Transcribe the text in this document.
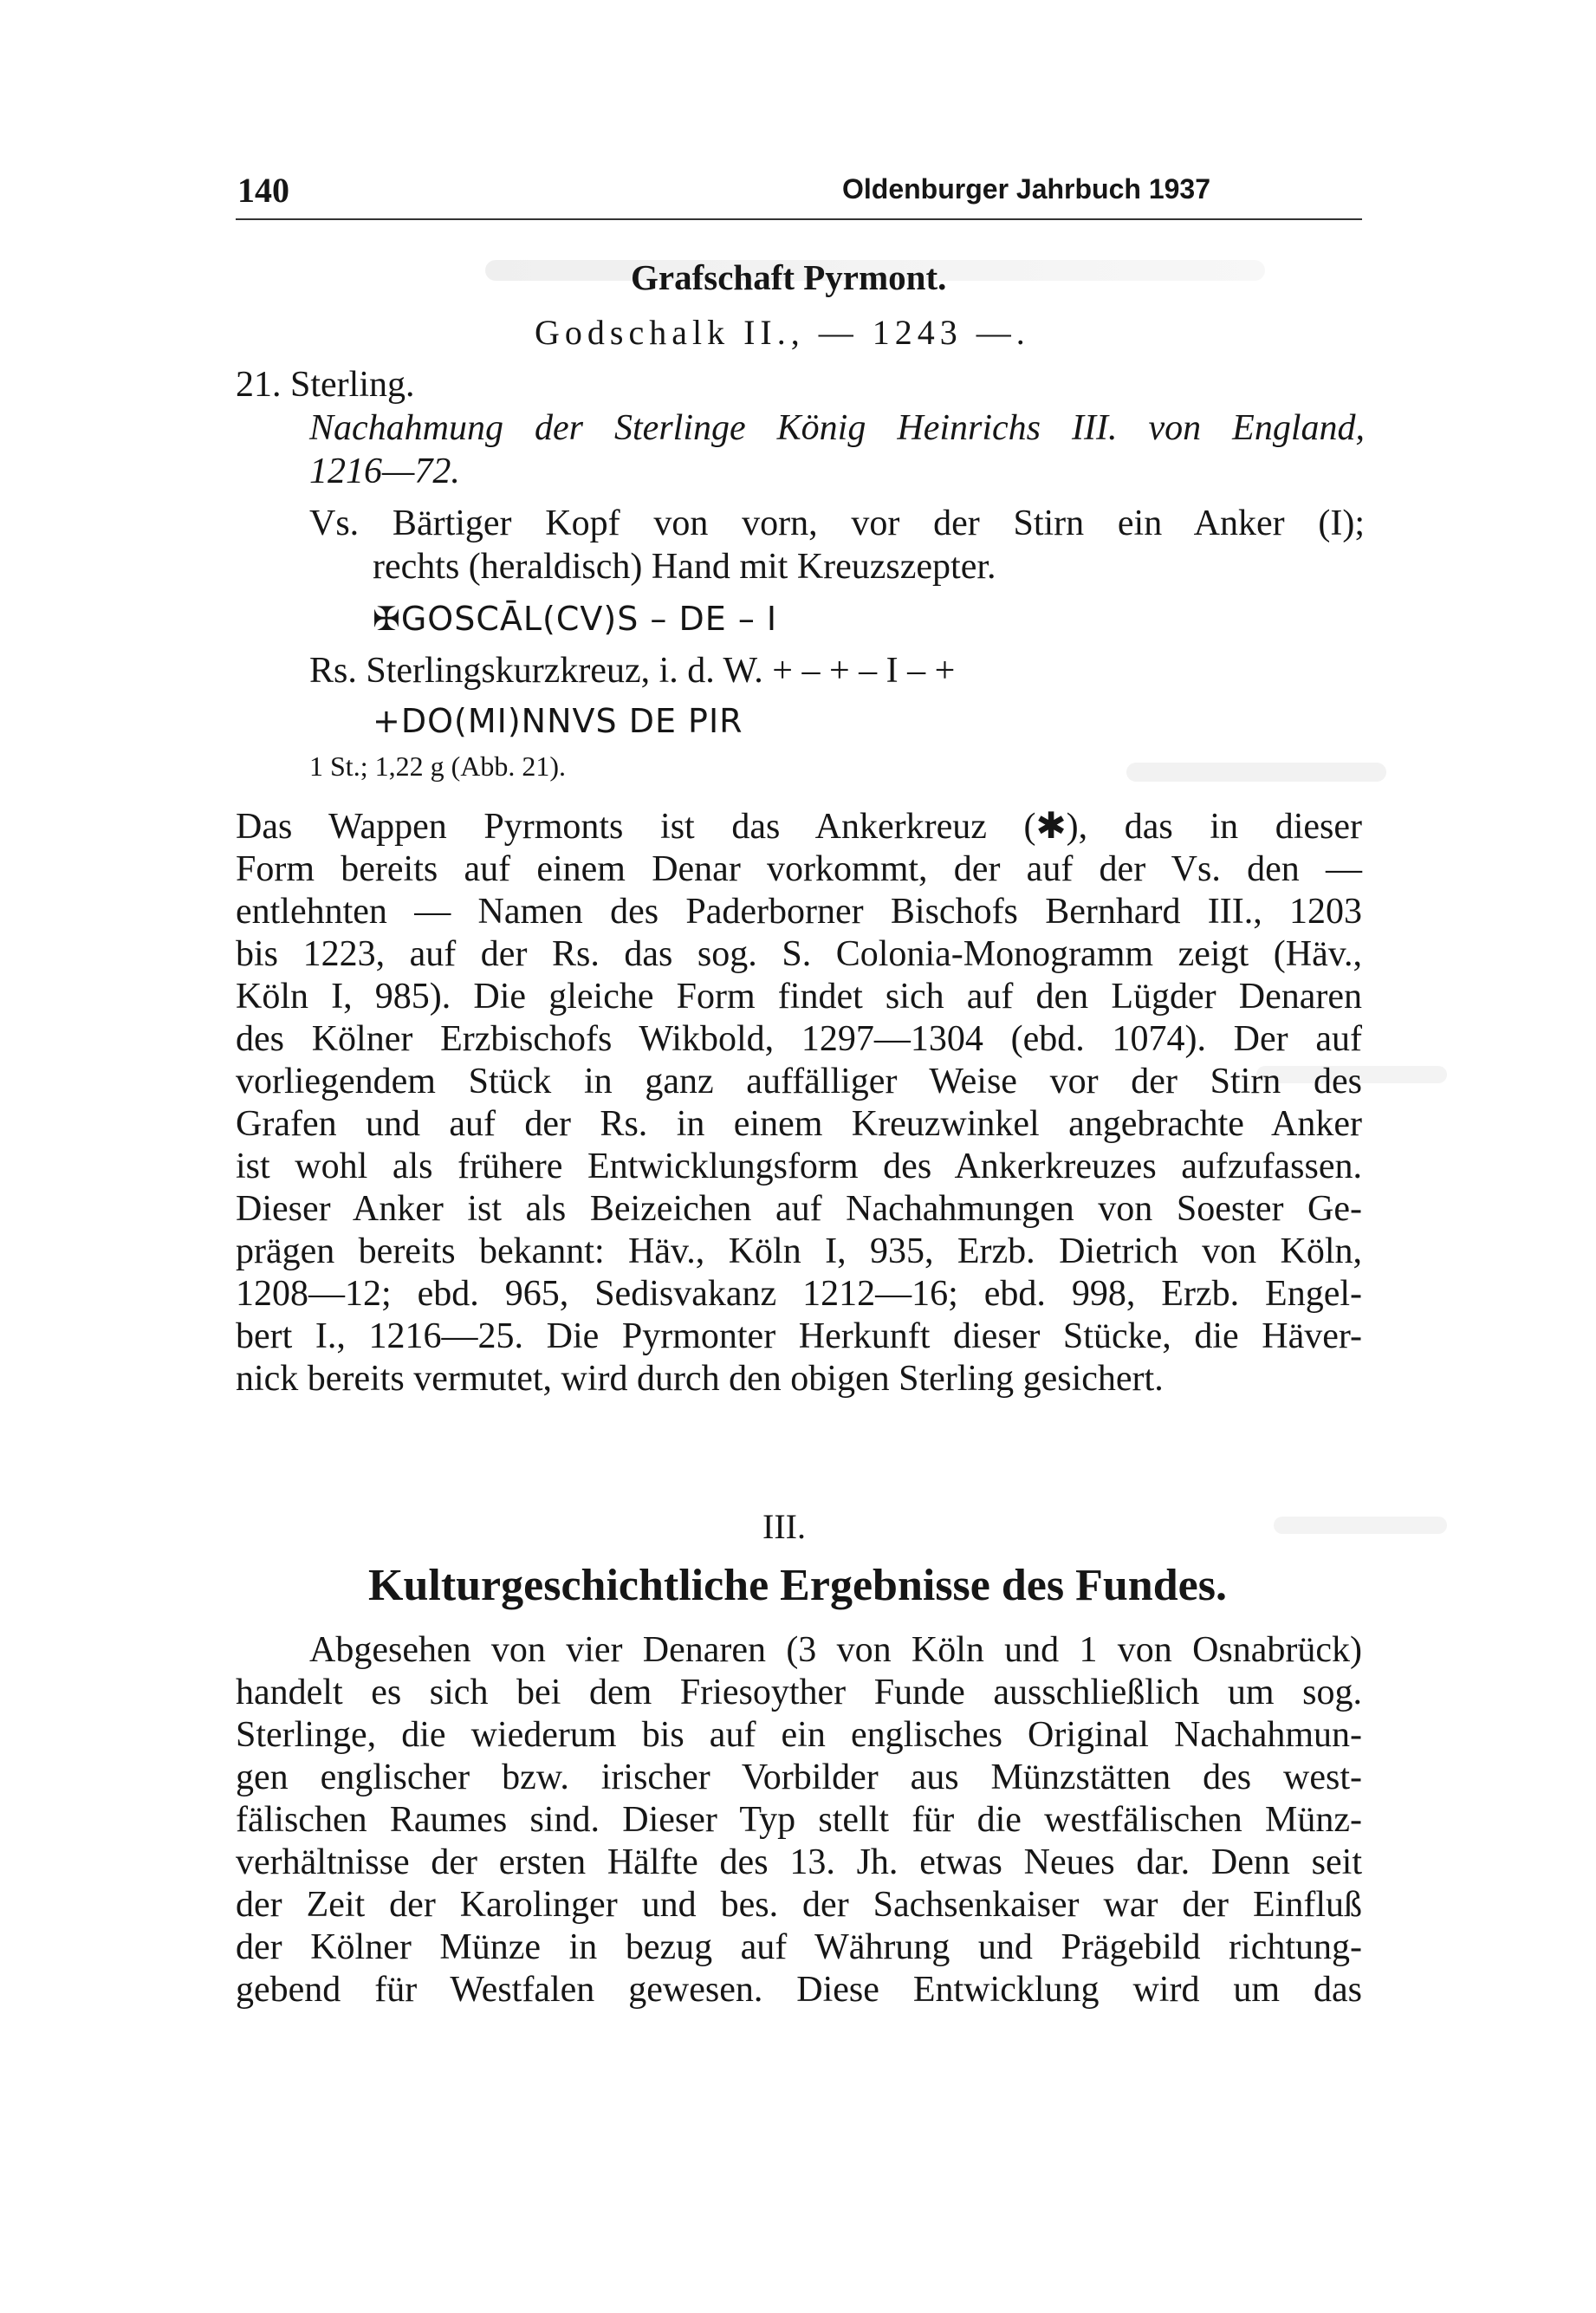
140	Oldenburger Jahrbuch 1937
Grafschaft Pyrmont.
Godschalk II., — 1243 —.
21. Sterling.
Nachahmung der Sterlinge König Heinrichs III. von England,
1216—72.
Vs. Bärtiger Kopf von vorn, vor der Stirn ein Anker (I);
rechts (heraldisch) Hand mit Kreuzszepter.
✠GOSCĀL(CV)S – DE – I
Rs. Sterlingskurzkreuz, i. d. W. + – + – I – +
+DO(MI)NNVS DE PIR
1 St.; 1,22 g (Abb. 21).
Das Wappen Pyrmonts ist das Ankerkreuz (✱), das in dieser
Form bereits auf einem Denar vorkommt, der auf der Vs. den —
entlehnten — Namen des Paderborner Bischofs Bernhard III., 1203
bis 1223, auf der Rs. das sog. S. Colonia-Monogramm zeigt (Häv.,
Köln I, 985). Die gleiche Form findet sich auf den Lügder Denaren
des Kölner Erzbischofs Wikbold, 1297—1304 (ebd. 1074). Der auf
vorliegendem Stück in ganz auffälliger Weise vor der Stirn des
Grafen und auf der Rs. in einem Kreuzwinkel angebrachte Anker
ist wohl als frühere Entwicklungsform des Ankerkreuzes aufzufassen.
Dieser Anker ist als Beizeichen auf Nachahmungen von Soester Ge-
prägen bereits bekannt: Häv., Köln I, 935, Erzb. Dietrich von Köln,
1208—12; ebd. 965, Sedisvakanz 1212—16; ebd. 998, Erzb. Engel-
bert I., 1216—25. Die Pyrmonter Herkunft dieser Stücke, die Häver-
nick bereits vermutet, wird durch den obigen Sterling gesichert.
III.
Kulturgeschichtliche Ergebnisse des Fundes.
Abgesehen von vier Denaren (3 von Köln und 1 von Osnabrück)
handelt es sich bei dem Friesoyther Funde ausschließlich um sog.
Sterlinge, die wiederum bis auf ein englisches Original Nachahmun-
gen englischer bzw. irischer Vorbilder aus Münzstätten des west-
fälischen Raumes sind. Dieser Typ stellt für die westfälischen Münz-
verhältnisse der ersten Hälfte des 13. Jh. etwas Neues dar. Denn seit
der Zeit der Karolinger und bes. der Sachsenkaiser war der Einfluß
der Kölner Münze in bezug auf Währung und Prägebild richtung-
gebend für Westfalen gewesen. Diese Entwicklung wird um das
